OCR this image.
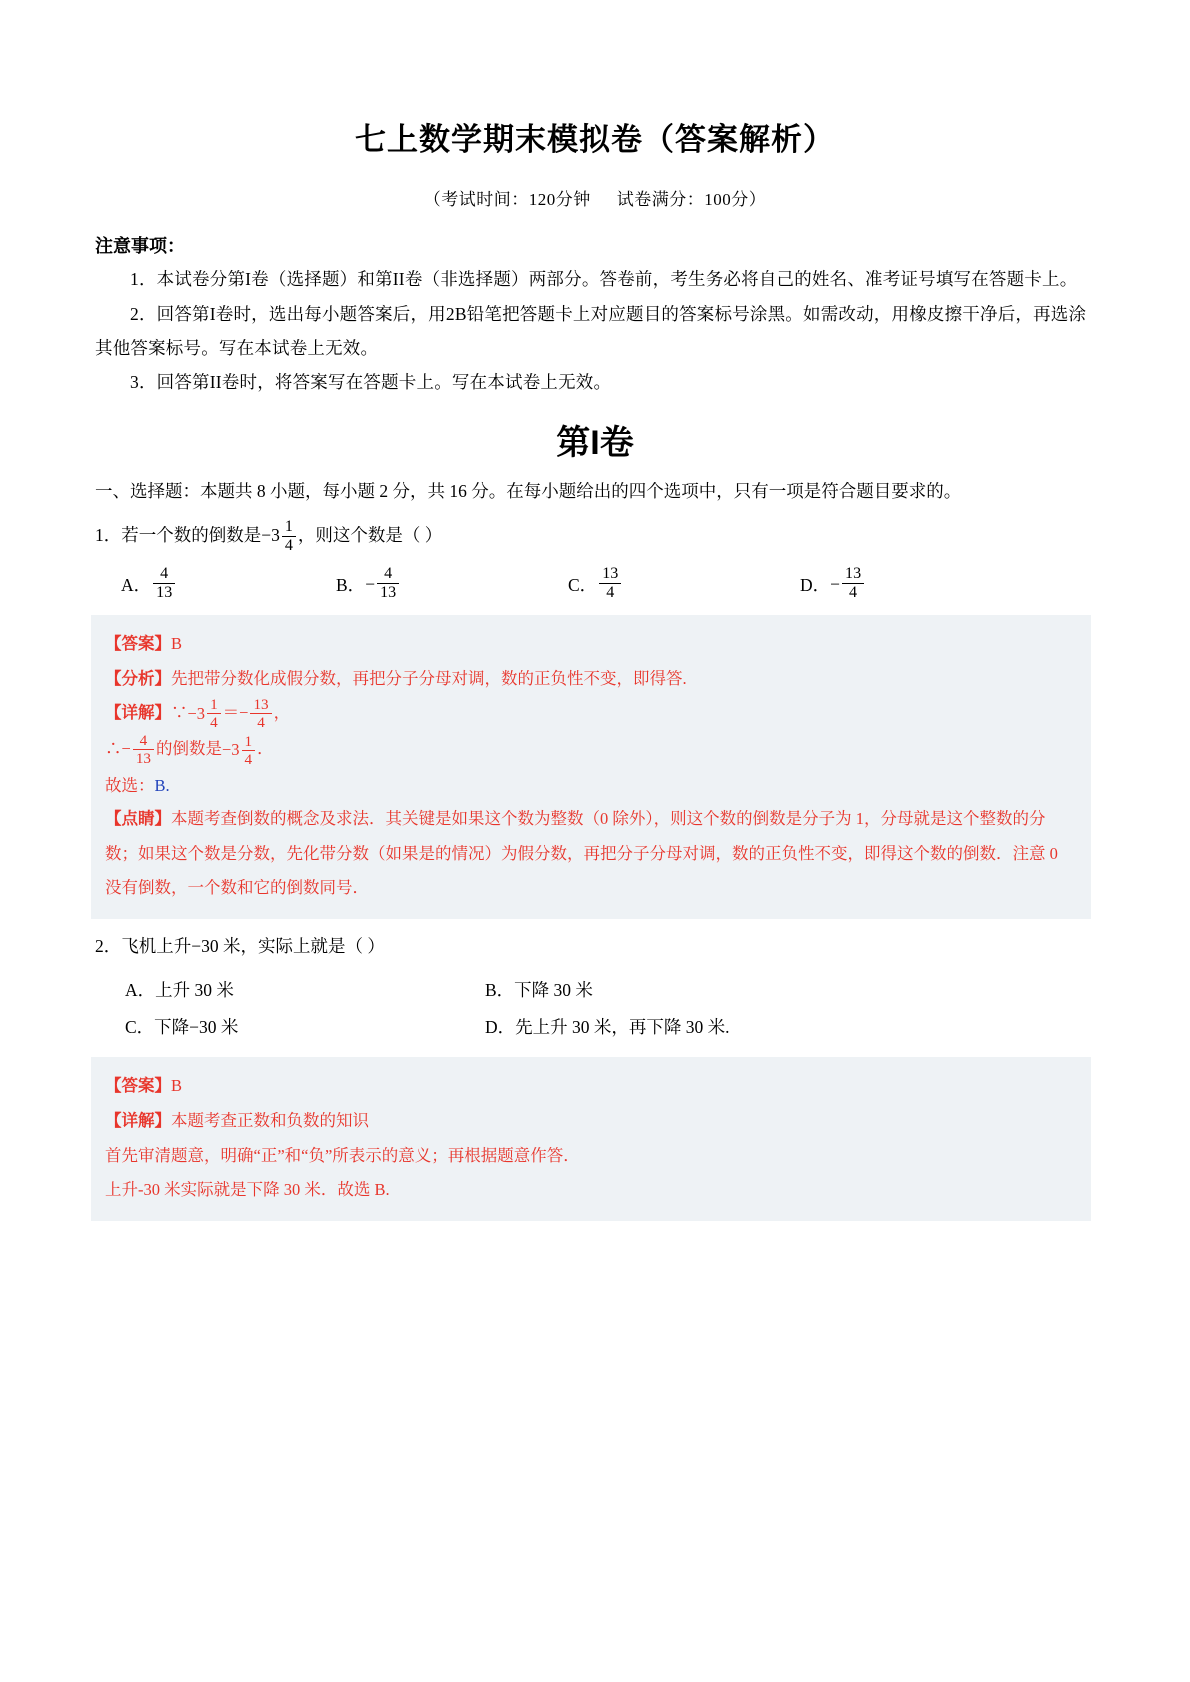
七上数学期末模拟卷（答案解析）
（考试时间：120分钟 试卷满分：100分）
注意事项：

1．本试卷分第I卷（选择题）和第II卷（非选择题）两部分。答卷前，考生务必将自己的姓名、准考证号填写在答题卡上。

2．回答第I卷时，选出每小题答案后，用2B铅笔把答题卡上对应题目的答案标号涂黑。如需改动，用橡皮擦干净后，再选涂其他答案标号。写在本试卷上无效。

3．回答第II卷时，将答案写在答题卡上。写在本试卷上无效。

第I卷

一、选择题：本题共 8 小题，每小题 2 分，共 16 分。在每小题给出的四个选项中，只有一项是符合题目要求的。

1．若一个数的倒数是$-3 \frac{1}{4}$ ，则这个数是（ ）

A． $\frac{4}{13}$	B． − $\frac{4}{13}$	C． $\frac{13}{4}$	D． − $\frac{13}{4}$

【答案】B

【分析】先把带分数化成假分数，再把分子分母对调，数的正负性不变，即得答.

【详解】∵−3 $\frac{1}{4} =- \frac{13}{4}$ ，

∴− $\frac{4}{13}$ 的倒数是$-3 \frac{1}{4}$ ．

故选：B.

【点睛】本题考查倒数的概念及求法．其关键是如果这个数为整数（0 除外），则这个数的倒数是分子为 1，分母就是这个整数的分数；如果这个数是分数，先化带分数（如果是的情况）为假分数，再把分子分母对调，数的正负性不变，即得这个数的倒数．注意 0 没有倒数，一个数和它的倒数同号．

2．飞机上升−30 米，实际上就是（ ）

A．上升 30 米	B．下降 30 米
C．下降−30 米	D．先上升 30 米，再下降 30 米.

【答案】B

【详解】本题考查正数和负数的知识

首先审清题意，明确“正”和“负”所表示的意义；再根据题意作答．

上升-30 米实际就是下降 30 米．故选 B.
